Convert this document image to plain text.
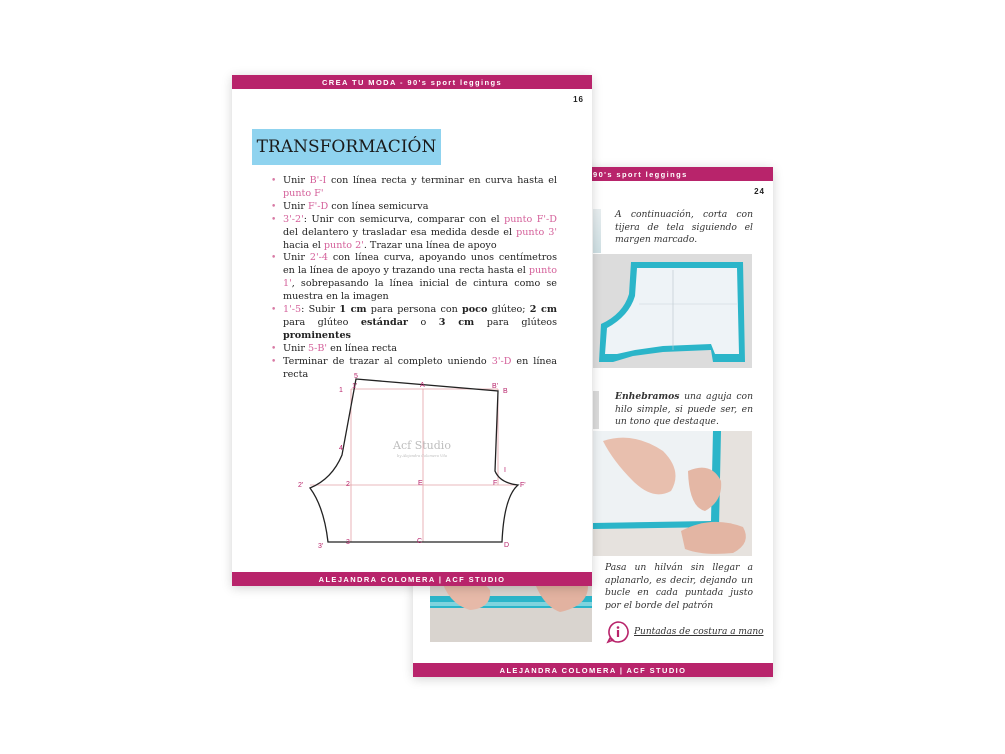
90's sport leggings
24
A continuación, corta con tijera de tela siguiendo el margen marcado.
Enhebramos una aguja con hilo simple, si puede ser, en un tono que destaque.
Pasa un hilván sin llegar a aplanarlo, es decir, dejando un bucle en cada puntada justo por el borde del patrón
Puntadas de costura a mano
ALEJANDRA COLOMERA | ACF STUDIO
CREA TU MODA - 90's sport leggings
16
TRANSFORMACIÓN
• Unir B'-I con línea recta y terminar en curva hasta el punto F'
• Unir F'-D con línea semicurva
• 3'-2': Unir con semicurva, comparar con el punto F'-D del delantero y trasladar esa medida desde el punto 3' hacia el punto 2'. Trazar una línea de apoyo
• Unir 2'-4 con línea curva, apoyando unos centímetros en la línea de apoyo y trazando una recta hasta el punto 1', sobrepasando la línea inicial de cintura como se muestra en la imagen
• 1'-5: Subir 1 cm para persona con poco glúteo; 2 cm para glúteo estándar o 3 cm para glúteos prominentes
• Unir 5-B' en línea recta
• Terminar de trazar al completo uniendo 3'-D en línea recta
Acf Studio
by Alejandra Colomera Vila
5
1
1'	A	B'
B
4
I
2'	2	E	F	F'
3'
3	C
D
ALEJANDRA COLOMERA | ACF STUDIO
